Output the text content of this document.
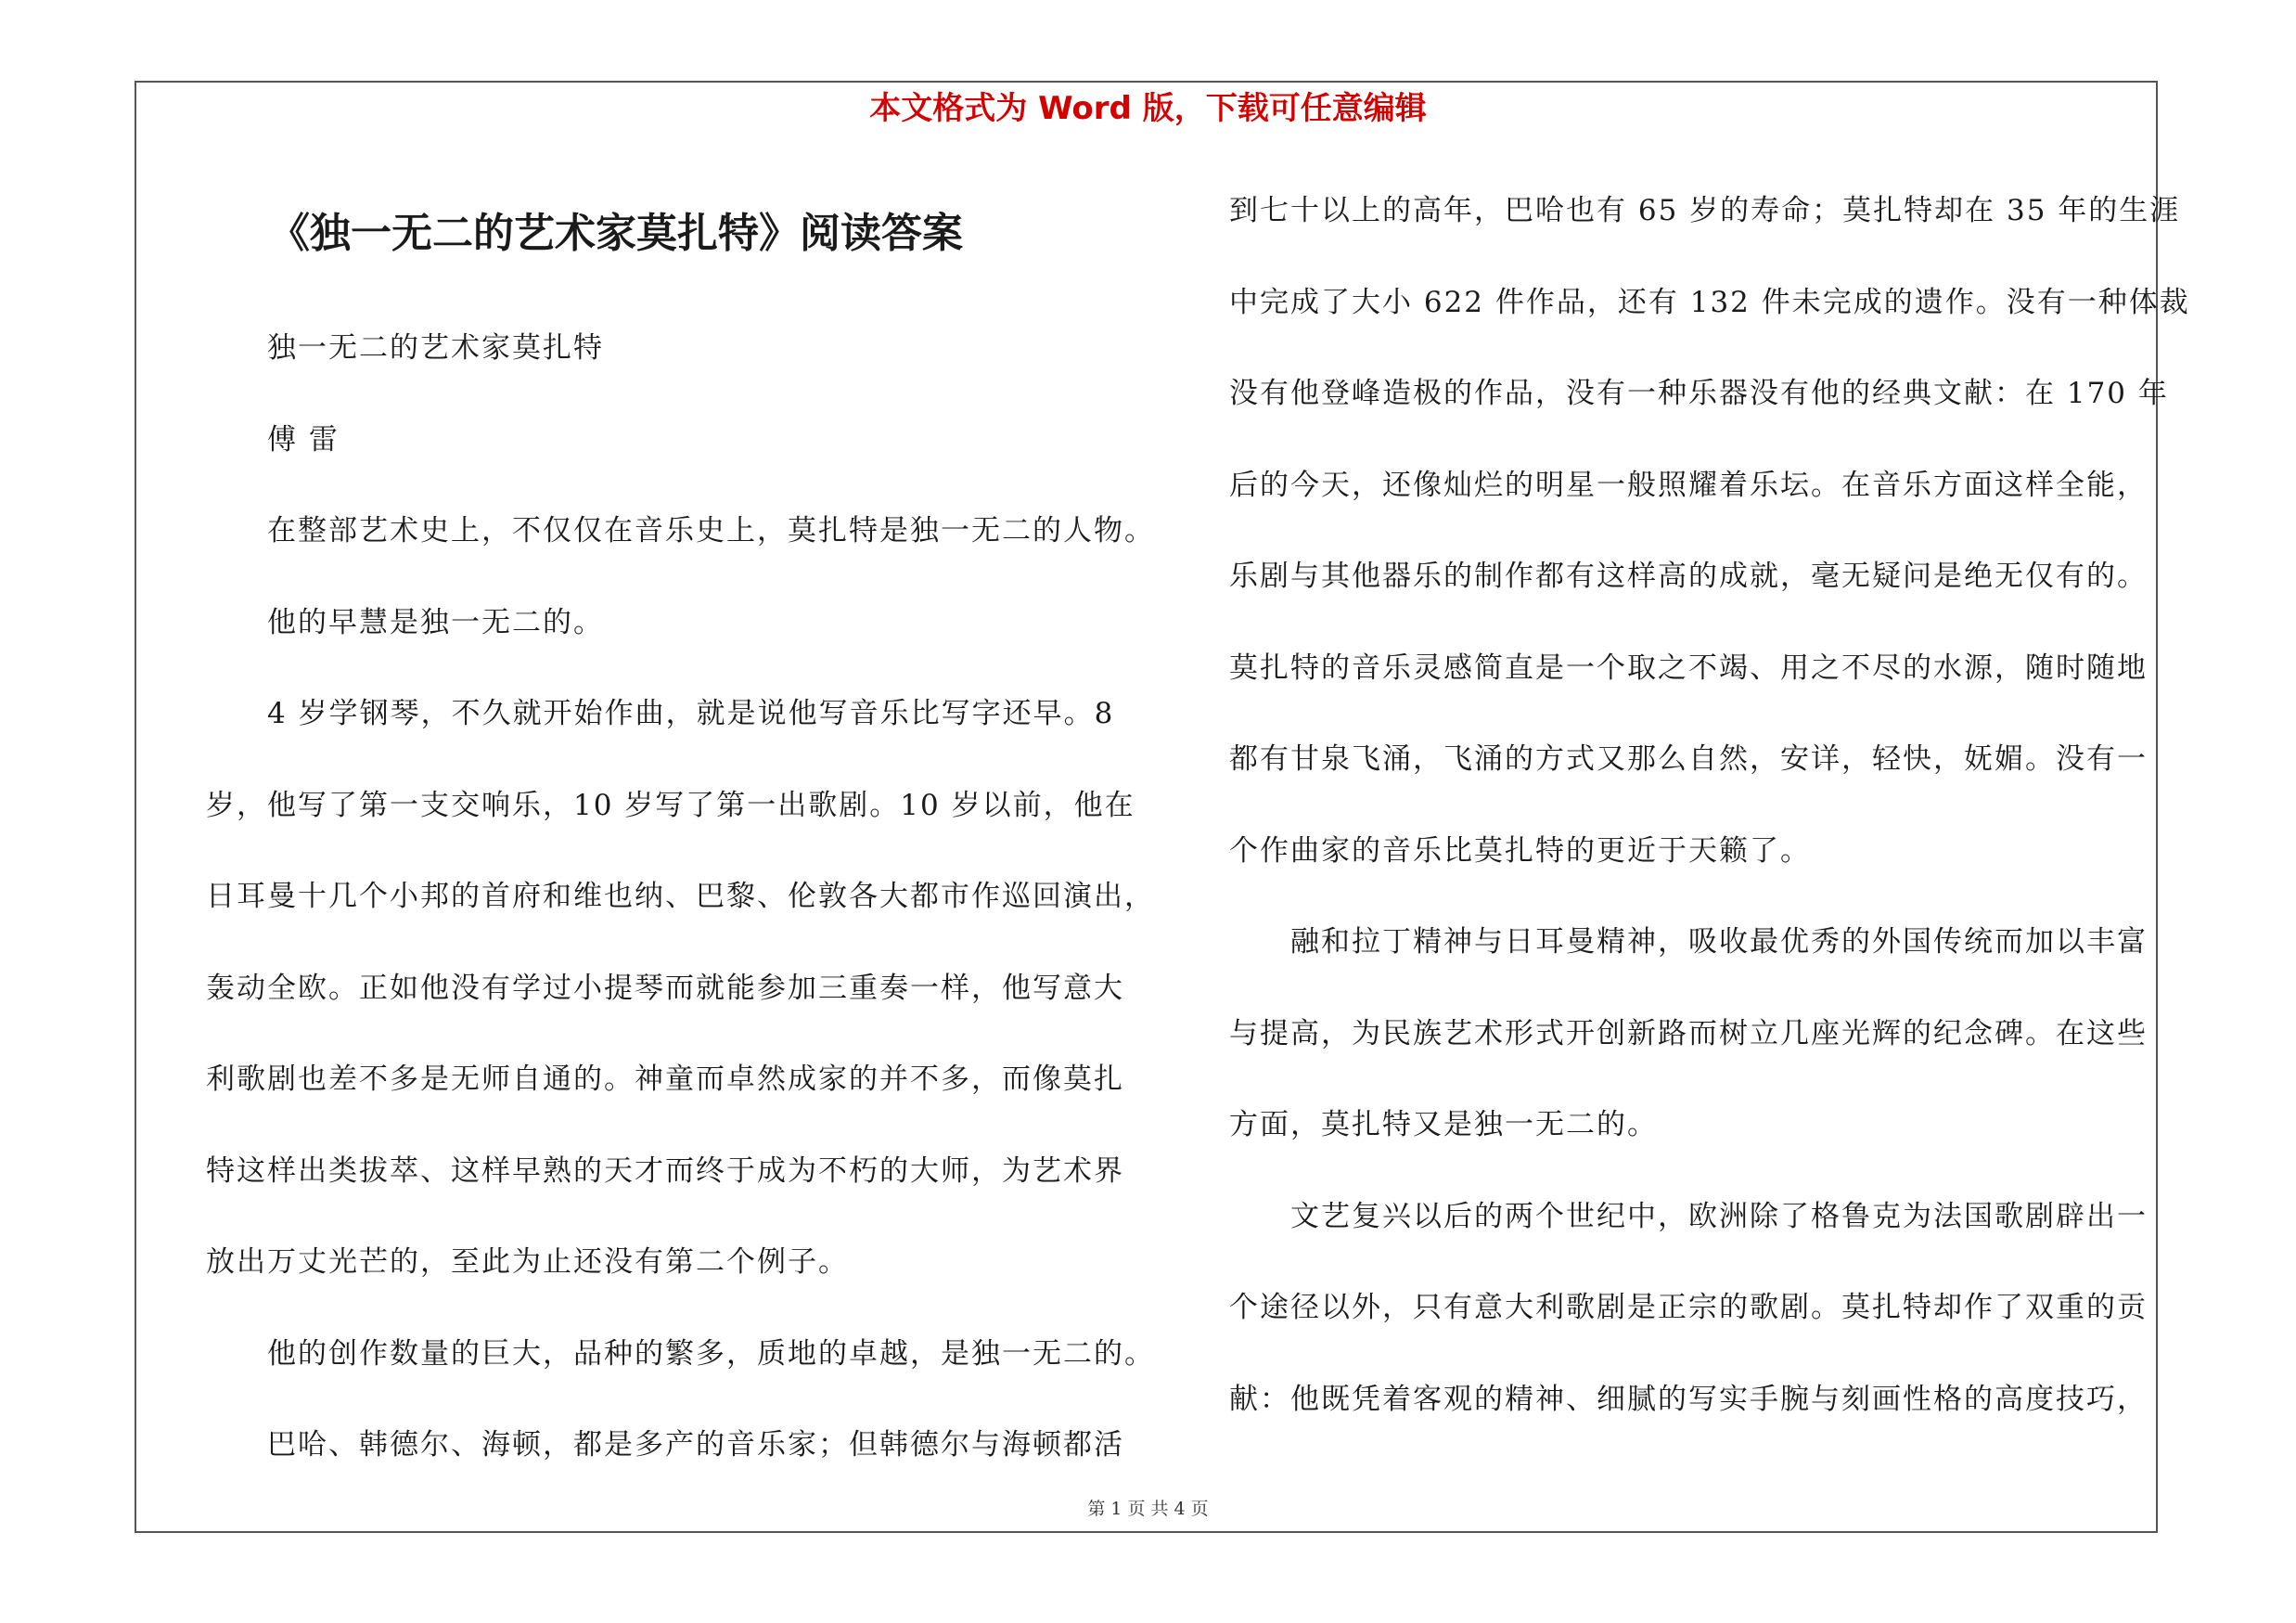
本文格式为 Word 版，下载可任意编辑
《独一无二的艺术家莫扎特》阅读答案
独一无二的艺术家莫扎特
傅 雷
在整部艺术史上，不仅仅在音乐史上，莫扎特是独一无二的人物。
他的早慧是独一无二的。
4 岁学钢琴，不久就开始作曲，就是说他写音乐比写字还早。8
岁，他写了第一支交响乐，10 岁写了第一出歌剧。10 岁以前，他在
日耳曼十几个小邦的首府和维也纳、巴黎、伦敦各大都市作巡回演出，
轰动全欧。正如他没有学过小提琴而就能参加三重奏一样，他写意大
利歌剧也差不多是无师自通的。神童而卓然成家的并不多，而像莫扎
特这样出类拔萃、这样早熟的天才而终于成为不朽的大师，为艺术界
放出万丈光芒的，至此为止还没有第二个例子。
他的创作数量的巨大，品种的繁多，质地的卓越，是独一无二的。
巴哈、韩德尔、海顿，都是多产的音乐家；但韩德尔与海顿都活
到七十以上的高年，巴哈也有 65 岁的寿命；莫扎特却在 35 年的生涯
中完成了大小 622 件作品，还有 132 件未完成的遗作。没有一种体裁
没有他登峰造极的作品，没有一种乐器没有他的经典文献：在 170 年
后的今天，还像灿烂的明星一般照耀着乐坛。在音乐方面这样全能，
乐剧与其他器乐的制作都有这样高的成就，毫无疑问是绝无仅有的。
莫扎特的音乐灵感简直是一个取之不竭、用之不尽的水源，随时随地
都有甘泉飞涌，飞涌的方式又那么自然，安详，轻快，妩媚。没有一
个作曲家的音乐比莫扎特的更近于天籁了。
融和拉丁精神与日耳曼精神，吸收最优秀的外国传统而加以丰富
与提高，为民族艺术形式开创新路而树立几座光辉的纪念碑。在这些
方面，莫扎特又是独一无二的。
文艺复兴以后的两个世纪中，欧洲除了格鲁克为法国歌剧辟出一
个途径以外，只有意大利歌剧是正宗的歌剧。莫扎特却作了双重的贡
献：他既凭着客观的精神、细腻的写实手腕与刻画性格的高度技巧，
第 1 页 共 4 页
